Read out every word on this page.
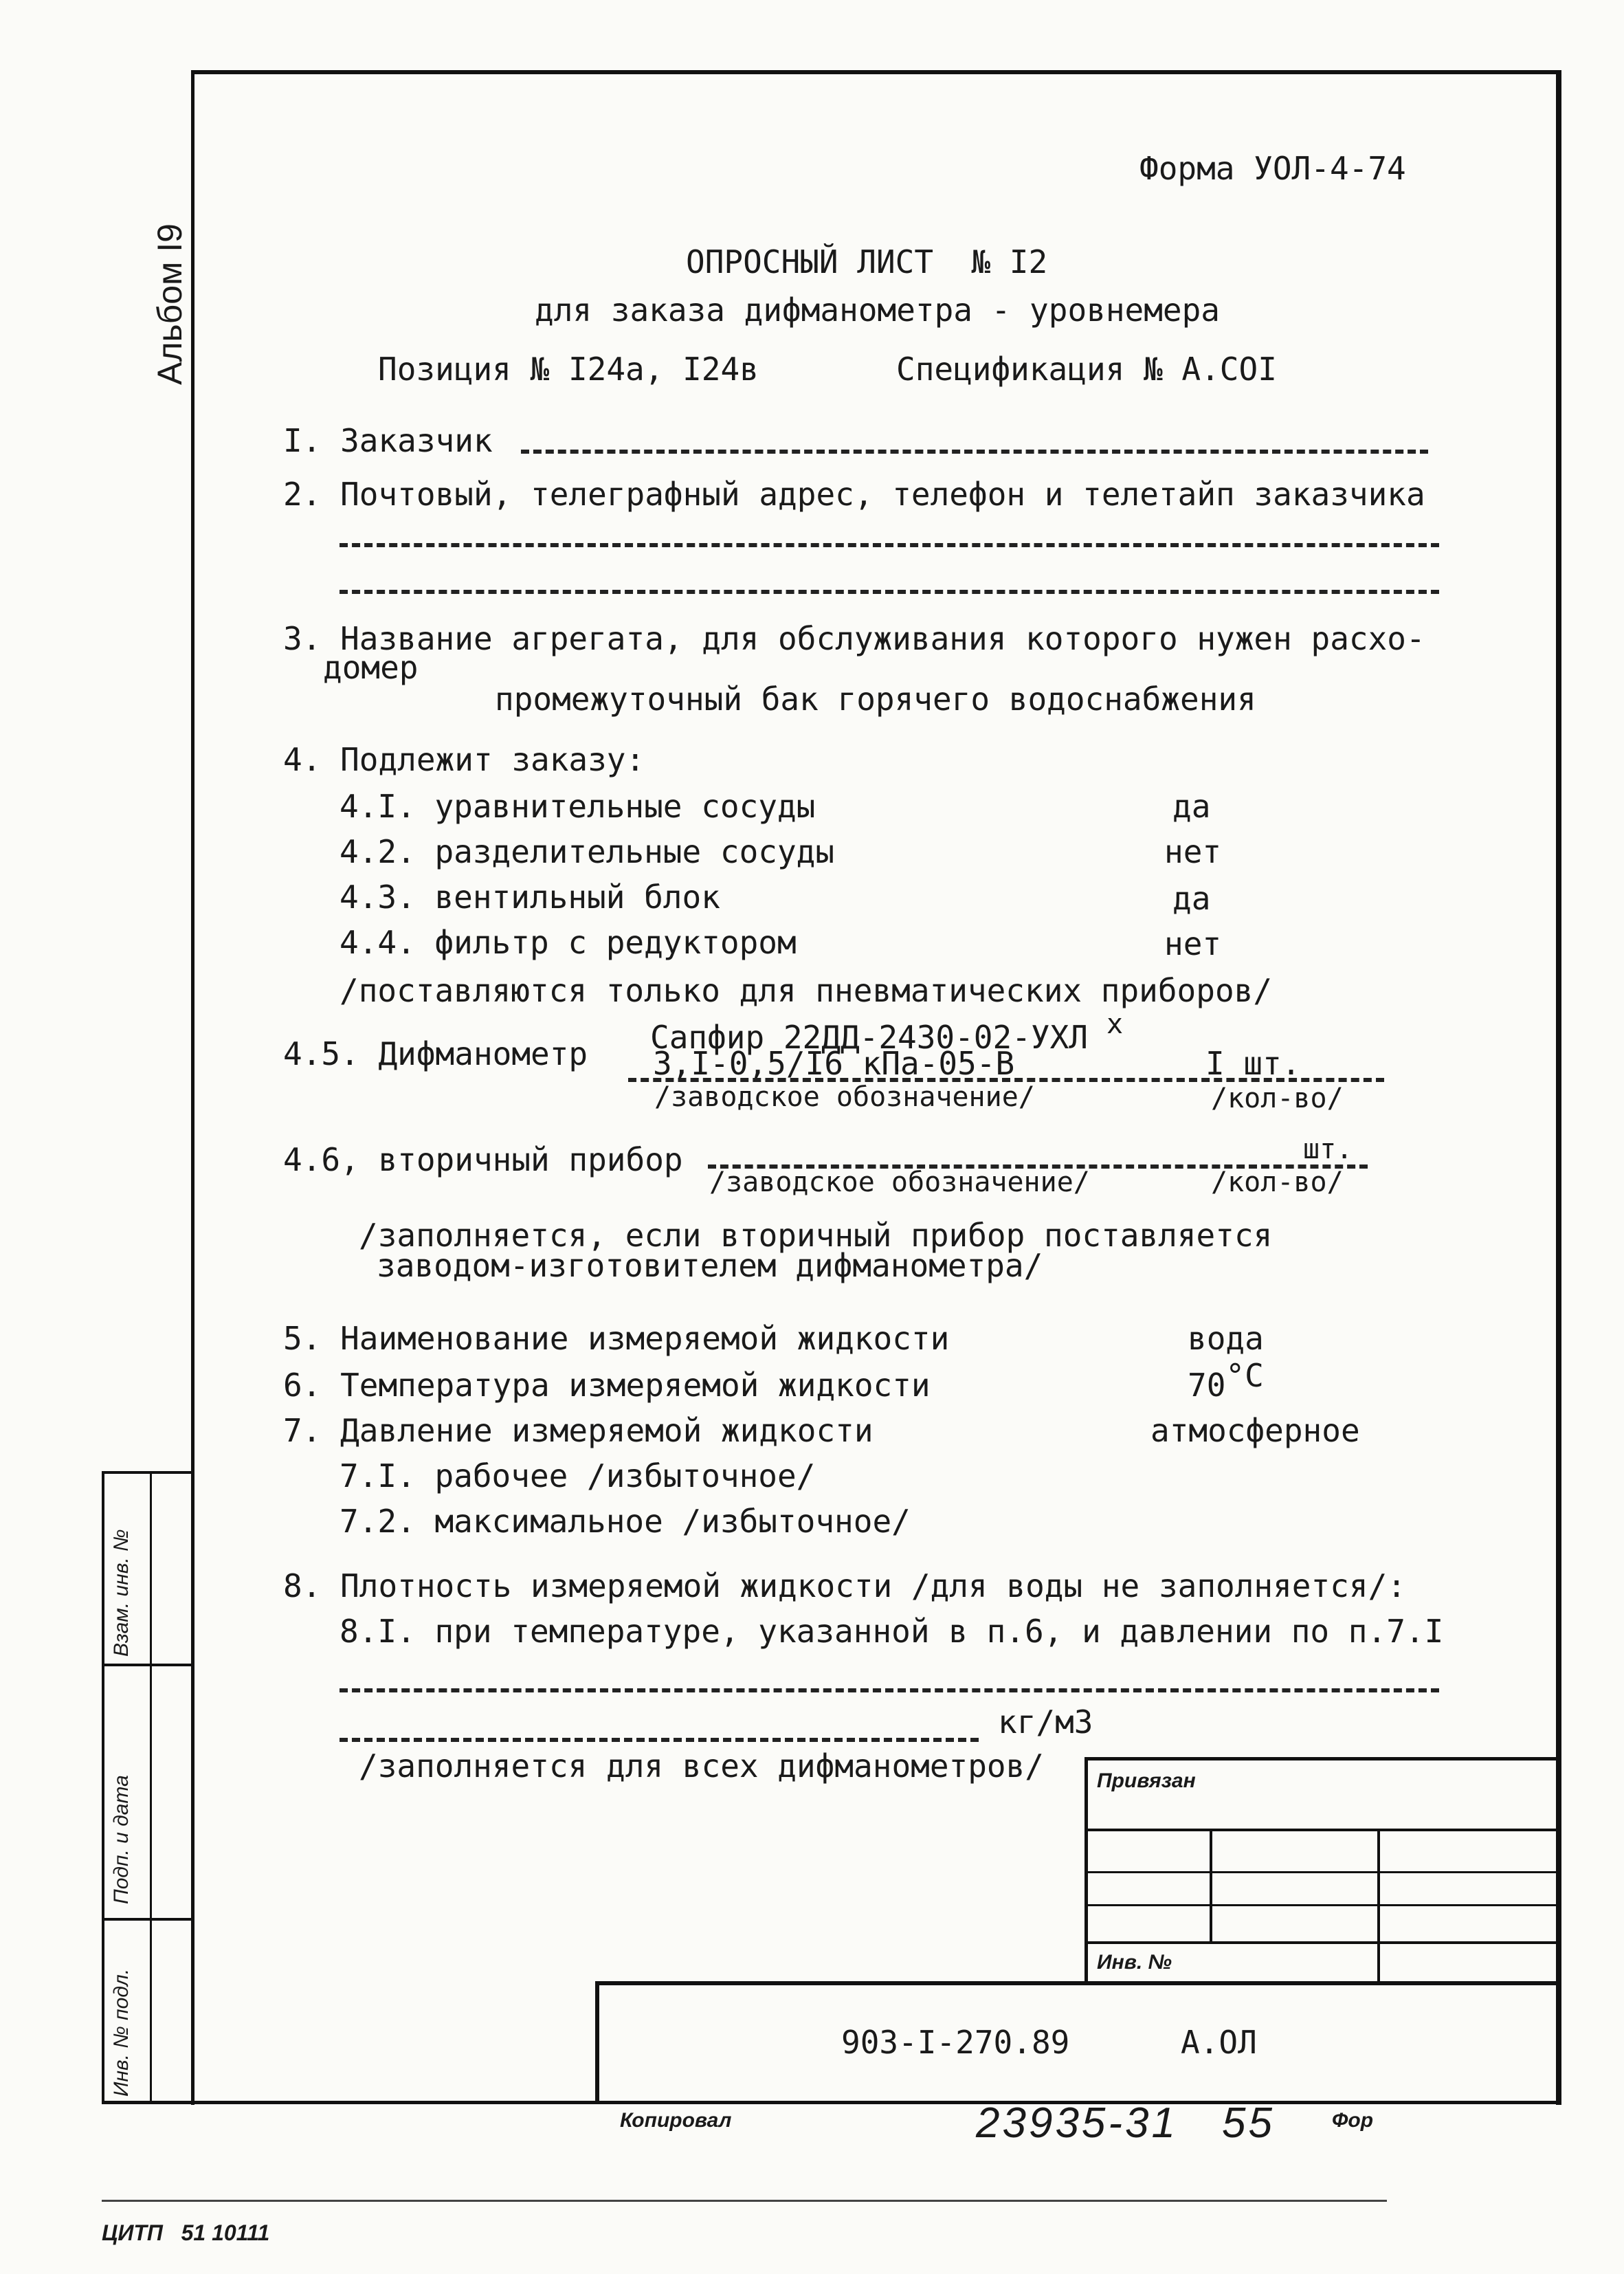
Альбом I9
Взам. инв. №
Подп. и дата
Инв. № подл.
Форма УОЛ-4-74
ОПРОСНЫЙ ЛИСТ  № I2
для заказа дифманометра - уровнемера
Позиция № I24а, I24в	Спецификация № А.СОI
I. Заказчик
2. Почтовый, телеграфный адрес, телефон и телетайп заказчика
3. Название агрегата, для обслуживания которого нужен расхо-
домер
промежуточный бак горячего водоснабжения
4. Подлежит заказу:
4.I. уравнительные сосуды	да
4.2. разделительные сосуды	нет
4.3. вентильный блок	да
4.4. фильтр с редуктором	нет
/поставляются только для пневматических приборов/
4.5. Дифманометр Сапфир 22ДД-2430-02-УХЛ x
3,I-0,5/I6 кПа-05-В	I шт.
/заводское обозначение/	/кол-во/
4.6, вторичный прибор	шт.
/заводское обозначение/	/кол-во/
/заполняется, если вторичный прибор поставляется
заводом-изготовителем дифманометра/
5. Наименование измеряемой жидкости	вода
6. Температура измеряемой жидкости	70°С
7. Давление измеряемой жидкости	атмосферное
7.I. рабочее /избыточное/
7.2. максимальное /избыточное/
8. Плотность измеряемой жидкости /для воды не заполняется/:
8.I. при температуре, указанной в п.6, и давлении по п.7.I
кг/м3
/заполняется для всех дифманометров/	Привязан
Инв. №
903-I-270.89	А.ОЛ
Копировал	23935-31 55	Фор
ЦИТП   51 10111
